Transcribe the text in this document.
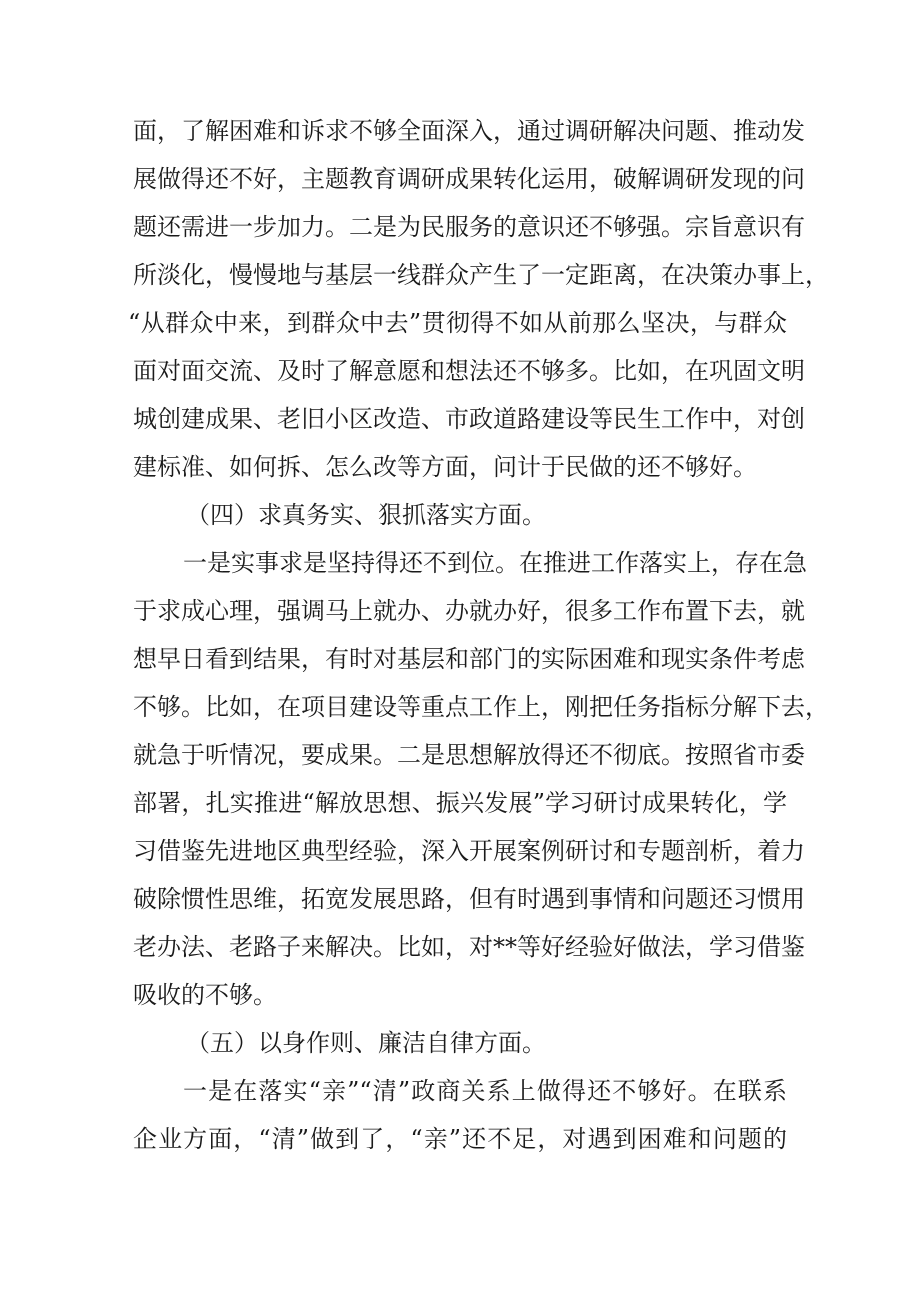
面，了解困难和诉求不够全面深入，通过调研解决问题、推动发
展做得还不好，主题教育调研成果转化运用，破解调研发现的问
题还需进一步加力。二是为民服务的意识还不够强。宗旨意识有
所淡化，慢慢地与基层一线群众产生了一定距离，在决策办事上，
“从群众中来，到群众中去”贯彻得不如从前那么坚决，与群众
面对面交流、及时了解意愿和想法还不够多。比如，在巩固文明
城创建成果、老旧小区改造、市政道路建设等民生工作中，对创
建标准、如何拆、怎么改等方面，问计于民做的还不够好。
（四）求真务实、狠抓落实方面。
一是实事求是坚持得还不到位。在推进工作落实上，存在急
于求成心理，强调马上就办、办就办好，很多工作布置下去，就
想早日看到结果，有时对基层和部门的实际困难和现实条件考虑
不够。比如，在项目建设等重点工作上，刚把任务指标分解下去，
就急于听情况，要成果。二是思想解放得还不彻底。按照省市委
部署，扎实推进“解放思想、振兴发展”学习研讨成果转化，学
习借鉴先进地区典型经验，深入开展案例研讨和专题剖析，着力
破除惯性思维，拓宽发展思路，但有时遇到事情和问题还习惯用
老办法、老路子来解决。比如，对**等好经验好做法，学习借鉴
吸收的不够。
（五）以身作则、廉洁自律方面。
一是在落实“亲”“清”政商关系上做得还不够好。在联系
企业方面，“清”做到了，“亲”还不足，对遇到困难和问题的
